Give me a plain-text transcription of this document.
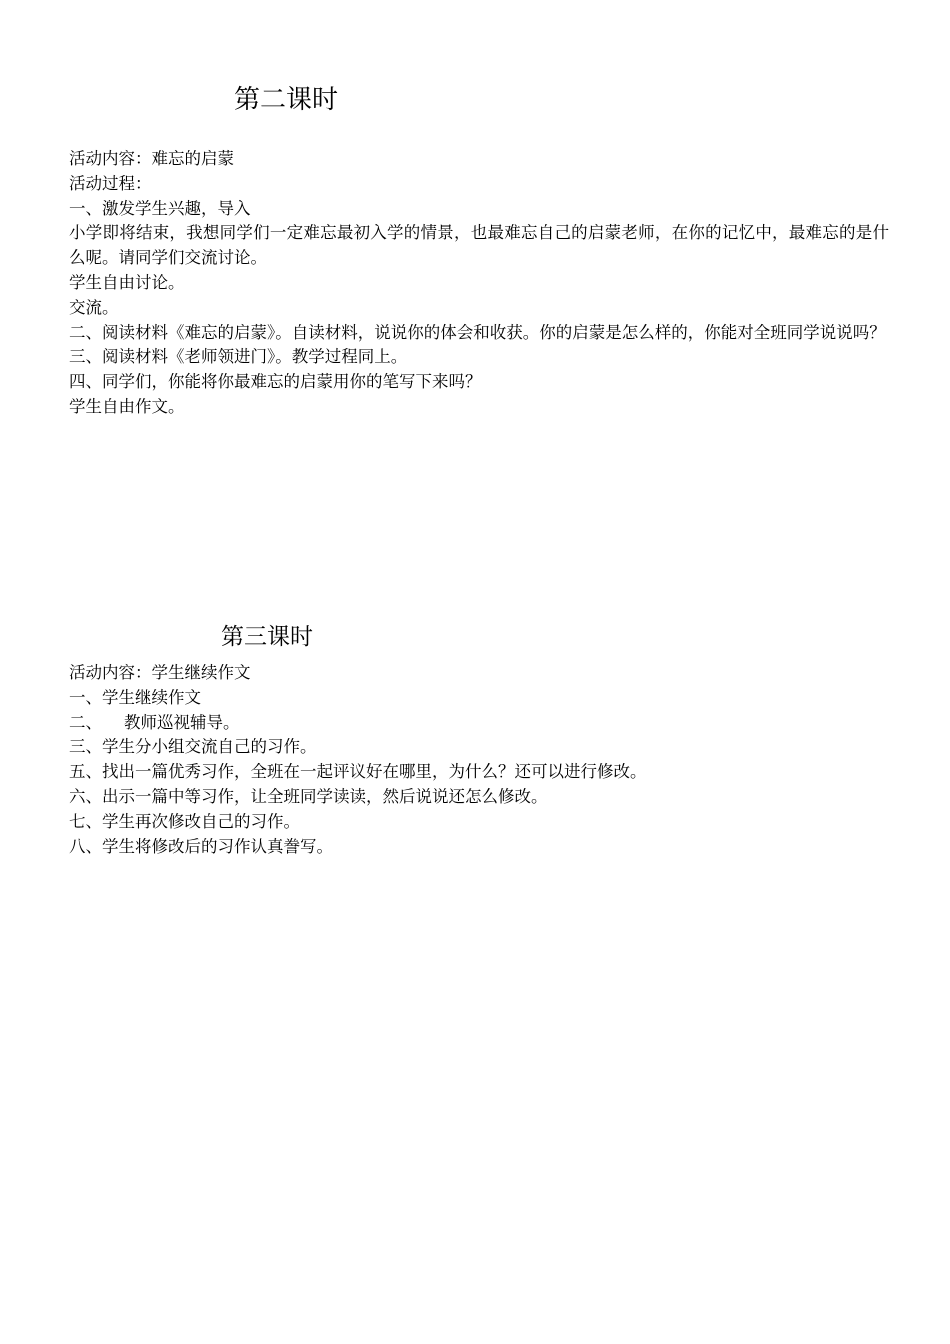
第二课时
活动内容：难忘的启蒙
活动过程：
一、激发学生兴趣，导入
小学即将结束，我想同学们一定难忘最初入学的情景，也最难忘自己的启蒙老师，在你的记忆中，最难忘的是什么呢。请同学们交流讨论。
学生自由讨论。
交流。
二、阅读材料《难忘的启蒙》。自读材料，说说你的体会和收获。你的启蒙是怎么样的，你能对全班同学说说吗？
三、阅读材料《老师领进门》。教学过程同上。
四、同学们，你能将你最难忘的启蒙用你的笔写下来吗？
学生自由作文。
第三课时
活动内容：学生继续作文
一、学生继续作文
二、 教师巡视辅导。
三、学生分小组交流自己的习作。
五、找出一篇优秀习作，全班在一起评议好在哪里，为什么？还可以进行修改。
六、出示一篇中等习作，让全班同学读读，然后说说还怎么修改。
七、学生再次修改自己的习作。
八、学生将修改后的习作认真誊写。
